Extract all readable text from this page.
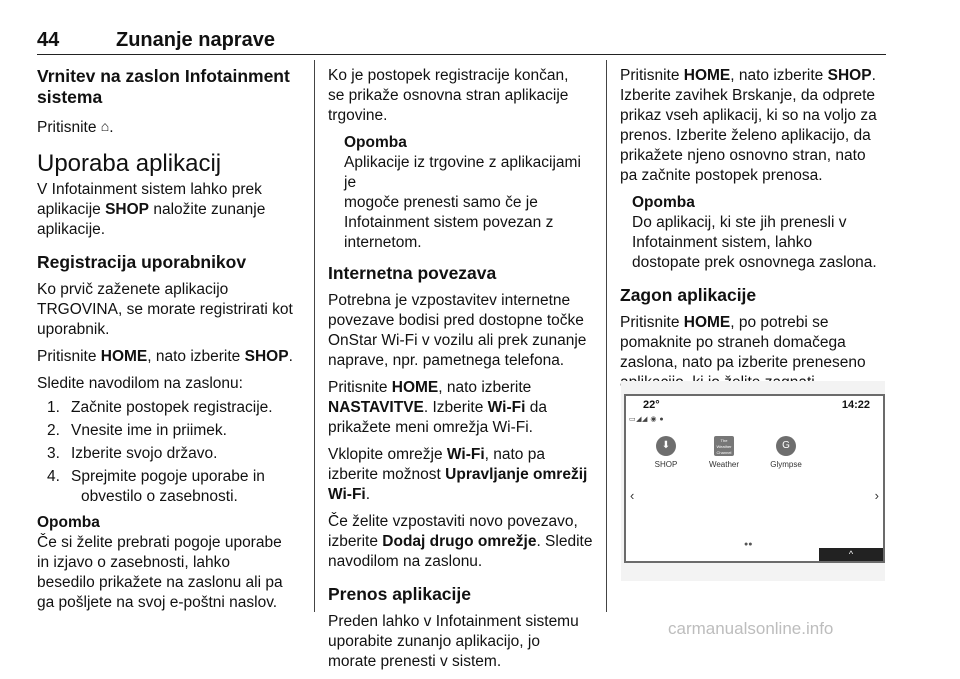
44	Zunanje naprave
Vrnitev na zaslon Infotainment sistema

Pritisnite ⌂.

Uporaba aplikacij

V Infotainment sistem lahko prek
aplikacije SHOP naložite zunanje
aplikacije.

Registracija uporabnikov

Ko prvič zaženete aplikacijo
TRGOVINA, se morate registrirati kot
uporabnik.

Pritisnite HOME, nato izberite SHOP.

Sledite navodilom na zaslonu:

1. Začnite postopek registracije.
2. Vnesite ime in priimek.
3. Izberite svojo državo.
4. Sprejmite pogoje uporabe in
obvestilo o zasebnosti.
Opomba
Če si želite prebrati pogoje uporabe
in izjavo o zasebnosti, lahko
besedilo prikažete na zaslonu ali pa
ga pošljete na svoj e-poštni naslov.

Ko je postopek registracije končan,
se prikaže osnovna stran aplikacije
trgovine.

Opomba
Aplikacije iz trgovine z aplikacijami je
mogoče prenesti samo če je
Infotainment sistem povezan z
internetom.
Internetna povezava

Potrebna je vzpostavitev internetne
povezave bodisi pred dostopne točke
OnStar Wi-Fi v vozilu ali prek zunanje
naprave, npr. pametnega telefona.

Pritisnite HOME, nato izberite
NASTAVITVE. Izberite Wi-Fi da
prikažete meni omrežja Wi-Fi.

Vklopite omrežje Wi-Fi, nato pa
izberite možnost Upravljanje omrežij
Wi-Fi.

Če želite vzpostaviti novo povezavo,
izberite Dodaj drugo omrežje. Sledite
navodilom na zaslonu.

Prenos aplikacije

Preden lahko v Infotainment sistemu
uporabite zunanjo aplikacijo, jo
morate prenesti v sistem.

Pritisnite HOME, nato izberite SHOP.
Izberite zavihek Brskanje, da odprete
prikaz vseh aplikacij, ki so na voljo za
prenos. Izberite želeno aplikacijo, da
prikažete njeno osnovno stran, nato
pa začnite postopek prenosa.

Opomba
Do aplikacij, ki ste jih prenesli v
Infotainment sistem, lahko
dostopate prek osnovnega zaslona.
Zagon aplikacije

Pritisnite HOME, po potrebi se
pomaknite po straneh domačega
zaslona, nato pa izberite preneseno

22°	14:22
▭◢◢ ◉ ●
⬇
SHOP
The Weather Channel
Weather
G
Glympse
‹	›
●●
^
carmanualsonline.info
